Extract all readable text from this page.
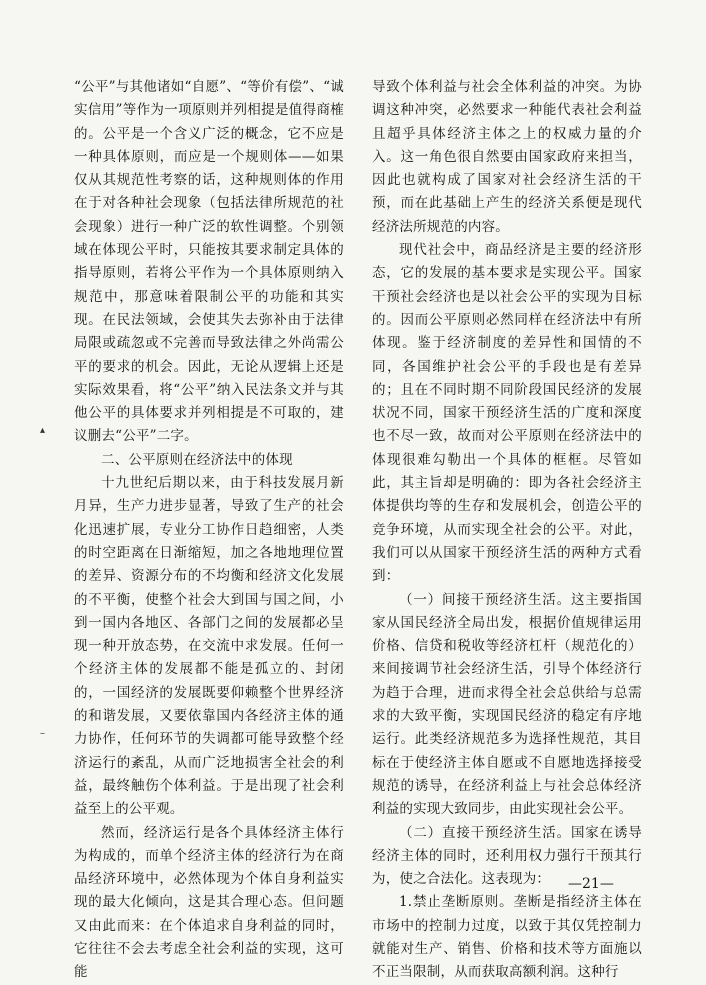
“公平”与其他诸如“自愿”、“等价有偿”、“诚实信用”等作为一项原则并列相提是值得商榷的。公平是一个含义广泛的概念，它不应是一种具体原则，而应是一个规则体——如果仅从其规范性考察的话，这种规则体的作用在于对各种社会现象（包括法律所规范的社会现象）进行一种广泛的软性调整。个别领域在体现公平时，只能按其要求制定具体的指导原则，若将公平作为一个具体原则纳入规范中，那意味着限制公平的功能和其实现。在民法领域，会使其失去弥补由于法律局限或疏忽或不完善而导致法律之外尚需公平的要求的机会。因此，无论从逻辑上还是实际效果看，将“公平”纳入民法条文并与其他公平的具体要求并列相提是不可取的，建议删去“公平”二字。

二、公平原则在经济法中的体现

十九世纪后期以来，由于科技发展月新月异，生产力进步显著，导致了生产的社会化迅速扩展，专业分工协作日趋细密，人类的时空距离在日渐缩短，加之各地地理位置的差异、资源分布的不均衡和经济文化发展的不平衡，使整个社会大到国与国之间，小到一国内各地区、各部门之间的发展都必呈现一种开放态势，在交流中求发展。任何一个经济主体的发展都不能是孤立的、封闭的，一国经济的发展既要仰赖整个世界经济的和谐发展，又要依靠国内各经济主体的通力协作，任何环节的失调都可能导致整个经济运行的紊乱，从而广泛地损害全社会的利益，最终触伤个体利益。于是出现了社会利益至上的公平观。

然而，经济运行是各个具体经济主体行为构成的，而单个经济主体的经济行为在商品经济环境中，必然体现为个体自身利益实现的最大化倾向，这是其合理心态。但问题又由此而来：在个体追求自身利益的同时，它往往不会去考虑全社会利益的实现，这可能

导致个体利益与社会全体利益的冲突。为协调这种冲突，必然要求一种能代表社会利益且超乎具体经济主体之上的权威力量的介入。这一角色很自然要由国家政府来担当，因此也就构成了国家对社会经济生活的干预，而在此基础上产生的经济关系便是现代经济法所规范的内容。

现代社会中，商品经济是主要的经济形态，它的发展的基本要求是实现公平。国家干预社会经济也是以社会公平的实现为目标的。因而公平原则必然同样在经济法中有所体现。鉴于经济制度的差异性和国情的不同，各国维护社会公平的手段也是有差异的；且在不同时期不同阶段国民经济的发展状况不同，国家干预经济生活的广度和深度也不尽一致，故而对公平原则在经济法中的体现很难勾勒出一个具体的框框。尽管如此，其主旨却是明确的：即为各社会经济主体提供均等的生存和发展机会，创造公平的竞争环境，从而实现全社会的公平。对此，我们可以从国家干预经济生活的两种方式看到：

（一）间接干预经济生活。这主要指国家从国民经济全局出发，根据价值规律运用价格、信贷和税收等经济杠杆（规范化的）来间接调节社会经济生活，引导个体经济行为趋于合理，进而求得全社会总供给与总需求的大致平衡，实现国民经济的稳定有序地运行。此类经济规范多为选择性规范，其目标在于使经济主体自愿或不自愿地选择接受规范的诱导，在经济利益上与社会总体经济利益的实现大致同步，由此实现社会公平。

（二）直接干预经济生活。国家在诱导经济主体的同时，还利用权力强行干预其行为，使之合法化。这表现为：

1.禁止垄断原则。垄断是指经济主体在市场中的控制力过度，以致于其仅凭控制力就能对生产、销售、价格和技术等方面施以不正当限制，从而获取高额利润。这种行

▴
–
—21—
